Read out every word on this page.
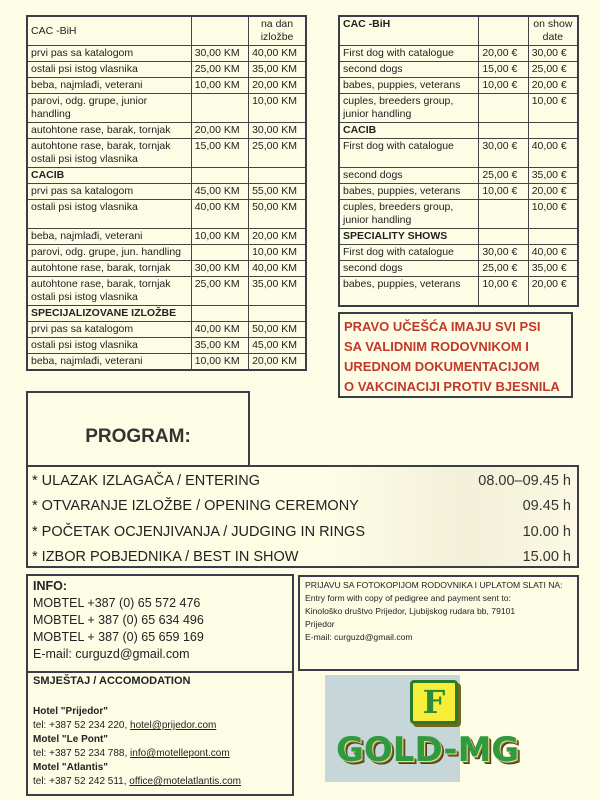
CAC -BiH		na dan
izložbe

prvi pas sa katalogom	30,00 KM	40,00 KM

ostali psi istog vlasnika	25,00 KM	35,00 KM

beba, najmlađi, veterani	10,00 KM	20,00 KM

parovi, odg. grupe, junior
handling		10,00 KM

autohtone rase, barak, tornjak	20,00 KM	30,00 KM

autohtone rase, barak, tornjak
ostali psi istog vlasnika	15,00 KM	25,00 KM
CACIB		

prvi pas sa katalogom	45,00 KM	55,00 KM

ostali psi istog vlasnika	40,00 KM	50,00 KM

beba, najmlađi, veterani	10,00 KM	20,00 KM

parovi, odg. grupe, jun. handling		10,00 KM

autohtone rase, barak, tornjak	30,00 KM	40,00 KM

autohtone rase, barak, tornjak
ostali psi istog vlasnika	25,00 KM	35,00 KM
SPECIJALIZOVANE IZLOŽBE		

prvi pas sa katalogom	40,00 KM	50,00 KM

ostali psi istog vlasnika	35,00 KM	45,00 KM

beba, najmlađi, veterani	10,00 KM	20,00 KM
CAC -BiH		on show
date

First dog with catalogue	20,00 €	30,00 €

second dogs	15,00 €	25,00 €

babes, puppies, veterans	10,00 €	20,00 €

cuples, breeders group,
junior handling		10,00 €
CACIB		

First dog with catalogue	30,00 €	40,00 €

second dogs	25,00 €	35,00 €

babes, puppies, veterans	10,00 €	20,00 €

cuples, breeders group,
junior handling		10,00 €
SPECIALITY SHOWS		

First dog with catalogue	30,00 €	40,00 €

second dogs	25,00 €	35,00 €

babes, puppies, veterans	10,00 €	20,00 €
PRAVO UČEŠĆA IMAJU SVI PSI
SA VALIDNIM RODOVNIKOM I
UREDNOM DOKUMENTACIJOM
O VAKCINACIJI PROTIV BJESNILA
PROGRAM:
* ULAZAK IZLAGAČA / ENTERING	08.00–09.45 h
* OTVARANJE IZLOŽBE / OPENING CEREMONY	09.45 h
* POČETAK OCJENJIVANJA / JUDGING IN RINGS	10.00 h
* IZBOR POBJEDNIKA / BEST IN SHOW	15.00 h
INFO:
MOBTEL +387 (0) 65 572 476
MOBTEL + 387 (0) 65 634 496
MOBTEL + 387 (0) 65 659 169
E-mail: curguzd@gmail.com
SMJEŠTAJ / ACCOMODATION
Hotel "Prijedor"
tel: +387 52 234 220, hotel@prijedor.com
Motel "Le Pont"
tel: +387 52 234 788, info@motellepont.com
Motel "Atlantis"
tel: +387 52 242 511, office@motelatlantis.com
PRIJAVU SA FOTOKOPIJOM RODOVNIKA I UPLATOM SLATI NA:
Entry form with copy of pedigree and payment sent to:
Kinološko društvo Prijedor, Ljubijskog rudara bb, 79101
Prijedor
E-mail: curguzd@gmail.com
F
GOLD-MG
